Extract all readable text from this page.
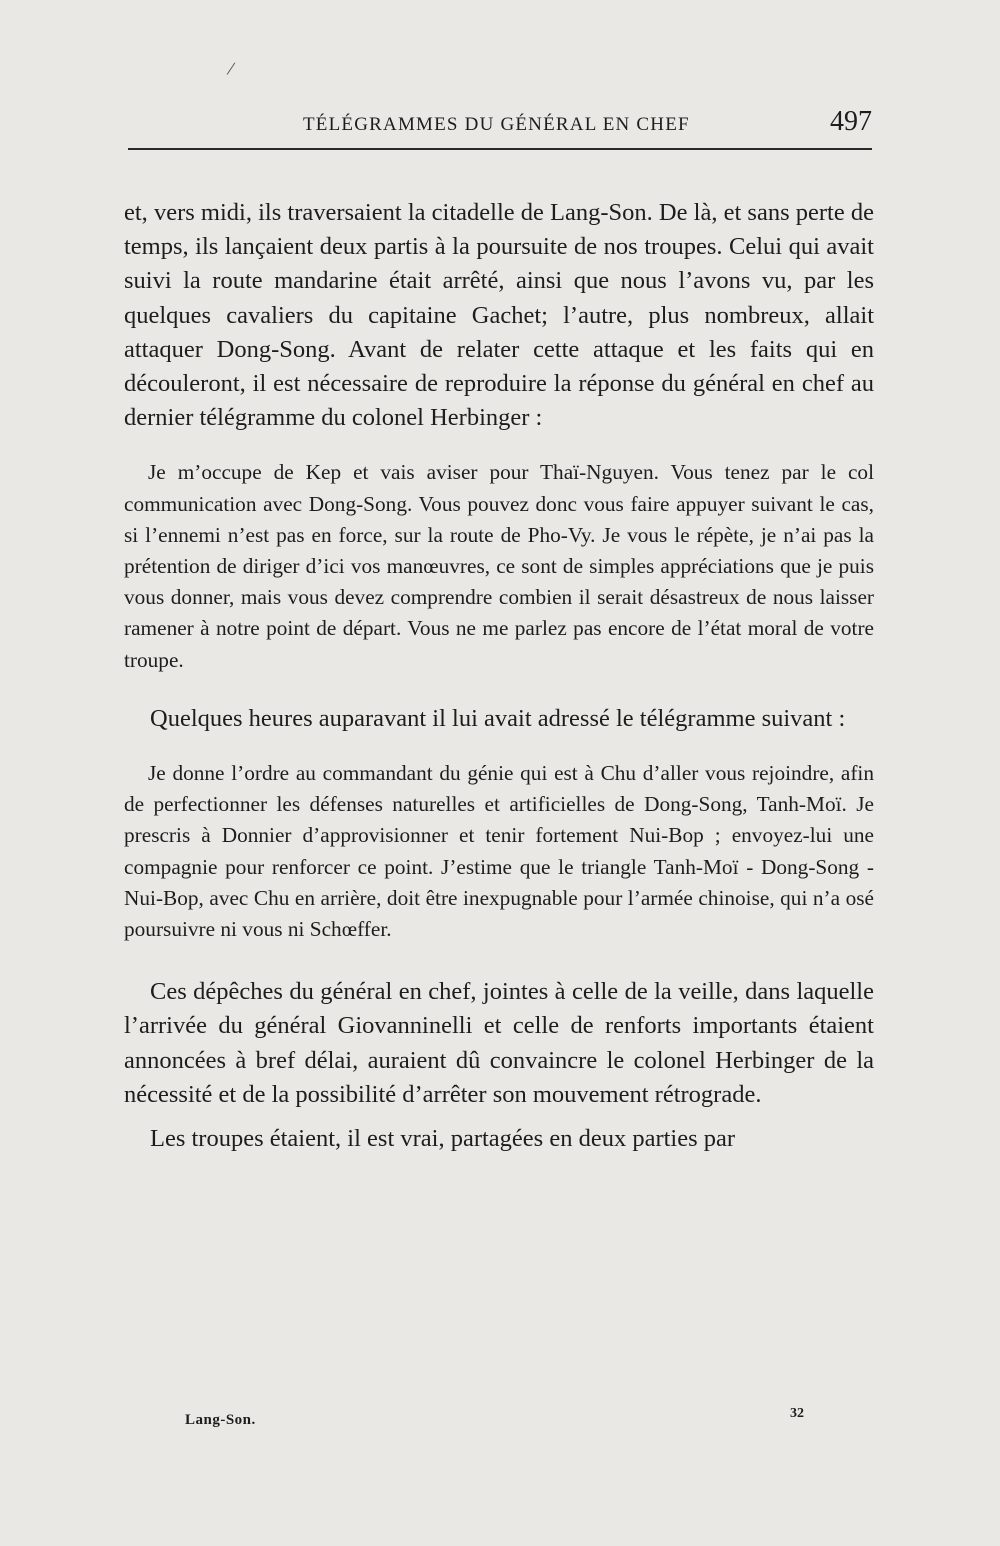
/
TÉLÉGRAMMES DU GÉNÉRAL EN CHEF	497

et, vers midi, ils traversaient la citadelle de Lang-Son. De là, et sans perte de temps, ils lançaient deux partis à la poursuite de nos troupes. Celui qui avait suivi la route mandarine était arrêté, ainsi que nous l’avons vu, par les quelques cavaliers du capitaine Gachet; l’autre, plus nombreux, allait attaquer Dong-Song. Avant de relater cette attaque et les faits qui en découleront, il est nécessaire de reproduire la réponse du général en chef au dernier télégramme du colonel Herbinger :

Je m’occupe de Kep et vais aviser pour Thaï-Nguyen. Vous tenez par le col communication avec Dong-Song. Vous pouvez donc vous faire appuyer suivant le cas, si l’ennemi n’est pas en force, sur la route de Pho-Vy. Je vous le répète, je n’ai pas la prétention de diriger d’ici vos manœuvres, ce sont de simples appréciations que je puis vous donner, mais vous devez comprendre combien il serait désastreux de nous laisser ramener à notre point de départ. Vous ne me parlez pas encore de l’état moral de votre troupe.

Quelques heures auparavant il lui avait adressé le télégramme suivant :

Je donne l’ordre au commandant du génie qui est à Chu d’aller vous rejoindre, afin de perfectionner les défenses naturelles et artificielles de Dong-Song, Tanh-Moï. Je prescris à Donnier d’approvisionner et tenir fortement Nui-Bop ; envoyez-lui une compagnie pour renforcer ce point. J’estime que le triangle Tanh-Moï - Dong-Song - Nui-Bop, avec Chu en arrière, doit être inexpugnable pour l’armée chinoise, qui n’a osé poursuivre ni vous ni Schœffer.

Ces dépêches du général en chef, jointes à celle de la veille, dans laquelle l’arrivée du général Giovanninelli et celle de renforts importants étaient annoncées à bref délai, auraient dû convaincre le colonel Herbinger de la nécessité et de la possibilité d’arrêter son mouvement rétrograde.

Les troupes étaient, il est vrai, partagées en deux parties par

Lang-Son.	32
